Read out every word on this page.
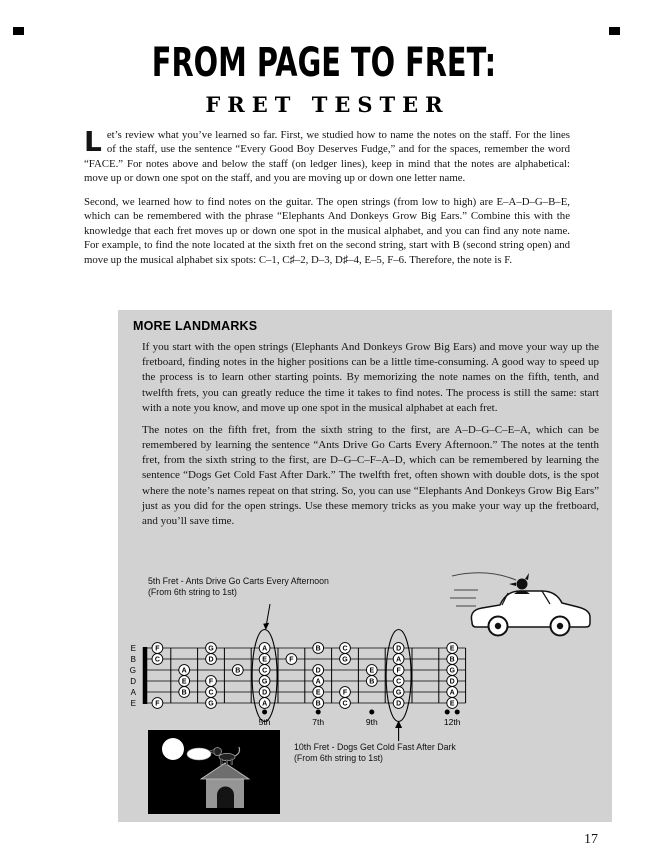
FROM PAGE TO FRET:
FRET TESTER

Let’s review what you’ve learned so far. First, we studied how to name the notes on the staff. For the lines of the staff, use the sentence “Every Good Boy Deserves Fudge,” and for the spaces, remember the word “FACE.” For notes above and below the staff (on ledger lines), keep in mind that the notes are alphabetical: move up or down one spot on the staff, and you are moving up or down one letter name.

Second, we learned how to find notes on the guitar. The open strings (from low to high) are E–A–D–G–B–E, which can be remembered with the phrase “Elephants And Donkeys Grow Big Ears.” Combine this with the knowledge that each fret moves up or down one spot in the musical alphabet, and you can find any note name. For example, to find the note located at the sixth fret on the second string, start with B (second string open) and move up the musical alphabet six spots: C–1, C♯–2, D–3, D♯–4, E–5, F–6. Therefore, the note is F.

MORE LANDMARKS

If you start with the open strings (Elephants And Donkeys Grow Big Ears) and move your way up the fretboard, finding notes in the higher positions can be a little time-consuming. A good way to speed up the process is to learn other starting points. By memorizing the note names on the fifth, tenth, and twelfth frets, you can greatly reduce the time it takes to find notes. The process is still the same: start with a note you know, and move up one spot in the musical alphabet at each fret.

The notes on the fifth fret, from the sixth string to the first, are A–D–G–C–E–A, which can be remembered by learning the sentence “Ants Drive Go Carts Every Afternoon.” The notes at the tenth fret, from the sixth string to the first, are D–G–C–F–A–D, which can be remembered by learning the sentence “Dogs Get Cold Fast After Dark.” The twelfth fret, often shown with double dots, is the spot where the note’s names repeat on that string. So, you can use “Elephants And Donkeys Grow Big Ears” just as you did for the open strings. Use these memory tricks as you make your way up the fretboard, and you’ll save time.

5th Fret - Ants Drive Go Carts Every Afternoon
(From 6th string to 1st)
E
B
G
D
A
E
F	G	A	B	C	D	E
C	D	E	F	G	A	B
A	B	C	D	E	F	G
E	F	G	A	B	C	D
B	C	D	E	F	G	A
F	G	A	B	C	D	E
5th	7th	9th	12th
10th Fret - Dogs Get Cold Fast After Dark
(From 6th string to 1st)
17
